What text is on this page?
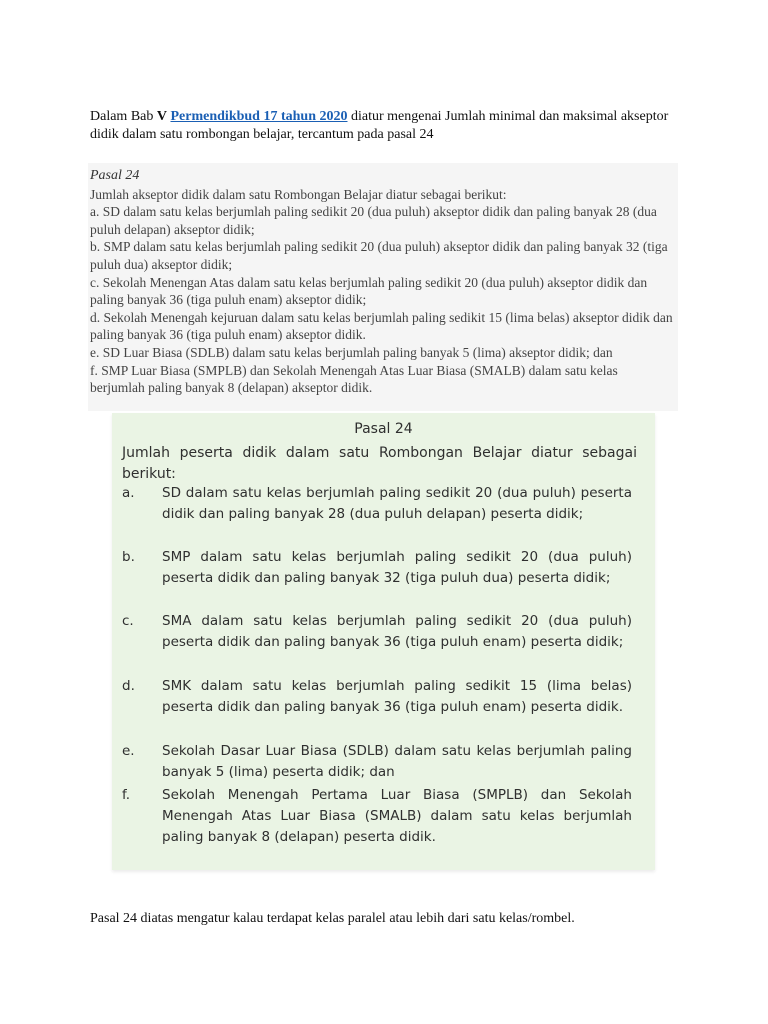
Dalam Bab V Permendikbud 17 tahun 2020 diatur mengenai Jumlah minimal dan maksimal akseptor didik dalam satu rombongan belajar, tercantum pada pasal 24

Pasal 24

Jumlah akseptor didik dalam satu Rombongan Belajar diatur sebagai berikut:

a. SD dalam satu kelas berjumlah paling sedikit 20 (dua puluh) akseptor didik dan paling banyak 28 (dua puluh delapan) akseptor didik;

b. SMP dalam satu kelas berjumlah paling sedikit 20 (dua puluh) akseptor didik dan paling banyak 32 (tiga puluh dua) akseptor didik;

c. Sekolah Menengan Atas dalam satu kelas berjumlah paling sedikit 20 (dua puluh) akseptor didik dan paling banyak 36 (tiga puluh enam) akseptor didik;

d. Sekolah Menengah kejuruan dalam satu kelas berjumlah paling sedikit 15 (lima belas) akseptor didik dan paling banyak 36 (tiga puluh enam) akseptor didik.

e. SD Luar Biasa (SDLB) dalam satu kelas berjumlah paling banyak 5 (lima) akseptor didik; dan

f. SMP Luar Biasa (SMPLB) dan Sekolah Menengah Atas Luar Biasa (SMALB) dalam satu kelas berjumlah paling banyak 8 (delapan) akseptor didik.

Pasal 24
Jumlah peserta didik dalam satu Rombongan Belajar diatur sebagai berikut:
a.	SD dalam satu kelas berjumlah paling sedikit 20 (dua puluh) peserta didik dan paling banyak 28 (dua puluh delapan) peserta didik;
b.	SMP dalam satu kelas berjumlah paling sedikit 20 (dua puluh) peserta didik dan paling banyak 32 (tiga puluh dua) peserta didik;
c.	SMA dalam satu kelas berjumlah paling sedikit 20 (dua puluh) peserta didik dan paling banyak 36 (tiga puluh enam) peserta didik;
d.	SMK dalam satu kelas berjumlah paling sedikit 15 (lima belas) peserta didik dan paling banyak 36 (tiga puluh enam) peserta didik.
e.	Sekolah Dasar Luar Biasa (SDLB) dalam satu kelas berjumlah paling banyak 5 (lima) peserta didik; dan
f.	Sekolah Menengah Pertama Luar Biasa (SMPLB) dan Sekolah Menengah Atas Luar Biasa (SMALB) dalam satu kelas berjumlah paling banyak 8 (delapan) peserta didik.

Pasal 24 diatas mengatur kalau terdapat kelas paralel atau lebih dari satu kelas/rombel.
